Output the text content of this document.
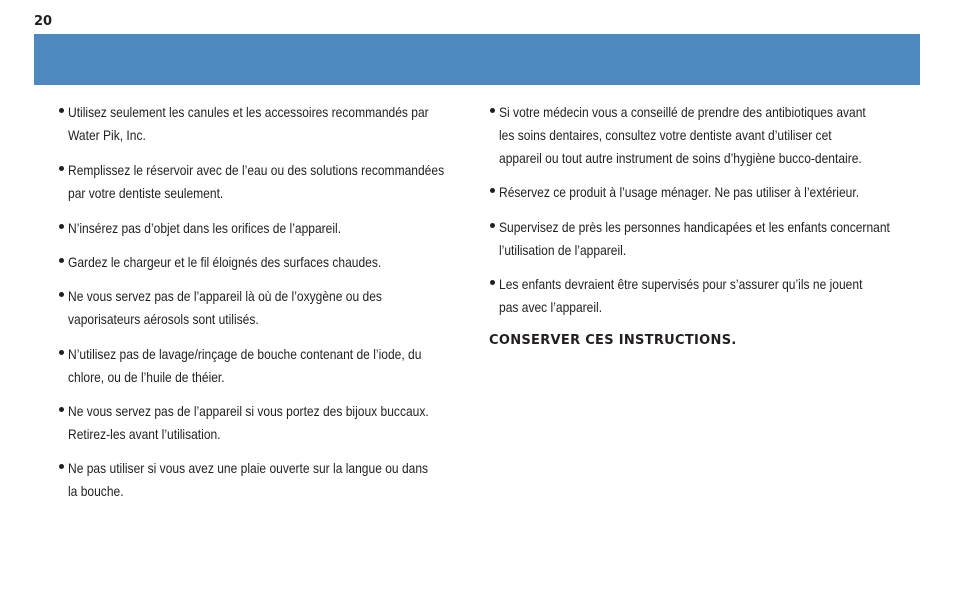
20
Utilisez seulement les canules et les accessoires recommandés par
Water Pik, Inc.
Remplissez le réservoir avec de l’eau ou des solutions recommandées
par votre dentiste seulement.
N’insérez pas d’objet dans les orifices de l’appareil.
Gardez le chargeur et le fil éloignés des surfaces chaudes.
Ne vous servez pas de l’appareil là où de l’oxygène ou des
vaporisateurs aérosols sont utilisés.
N’utilisez pas de lavage/rinçage de bouche contenant de l’iode, du
chlore, ou de l’huile de théier.
Ne vous servez pas de l’appareil si vous portez des bijoux buccaux.
Retirez-les avant l’utilisation.
Ne pas utiliser si vous avez une plaie ouverte sur la langue ou dans
la bouche.
Si votre médecin vous a conseillé de prendre des antibiotiques avant
les soins dentaires, consultez votre dentiste avant d’utiliser cet
appareil ou tout autre instrument de soins d’hygiène bucco-dentaire.
Réservez ce produit à l’usage ménager. Ne pas utiliser à l’extérieur.
Supervisez de près les personnes handicapées et les enfants concernant
l’utilisation de l’appareil.
Les enfants devraient être supervisés pour s’assurer qu’ils ne jouent
pas avec l’appareil.
CONSERVER CES INSTRUCTIONS.
